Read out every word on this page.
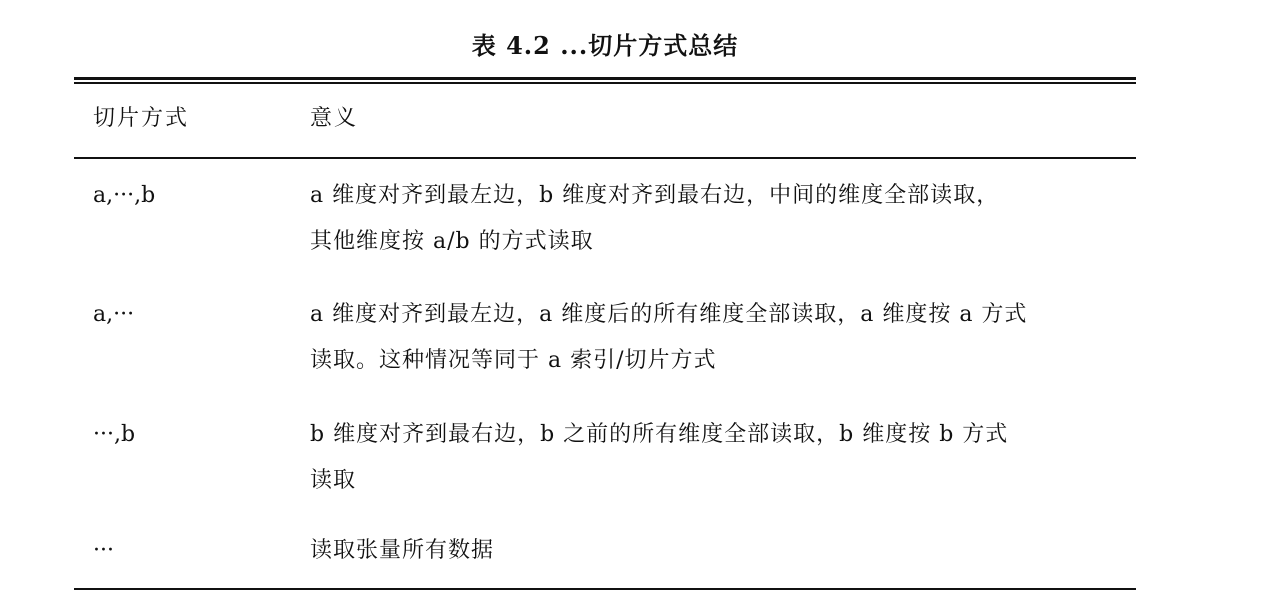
表 4.2 ...切片方式总结
切片方式	意义
a,···,b	a 维度对齐到最左边，b 维度对齐到最右边，中间的维度全部读取，
其他维度按 a/b 的方式读取
a,···	a 维度对齐到最左边，a 维度后的所有维度全部读取，a 维度按 a 方式
读取。这种情况等同于 a 索引/切片方式
···,b	b 维度对齐到最右边，b 之前的所有维度全部读取，b 维度按 b 方式
读取
···	读取张量所有数据
